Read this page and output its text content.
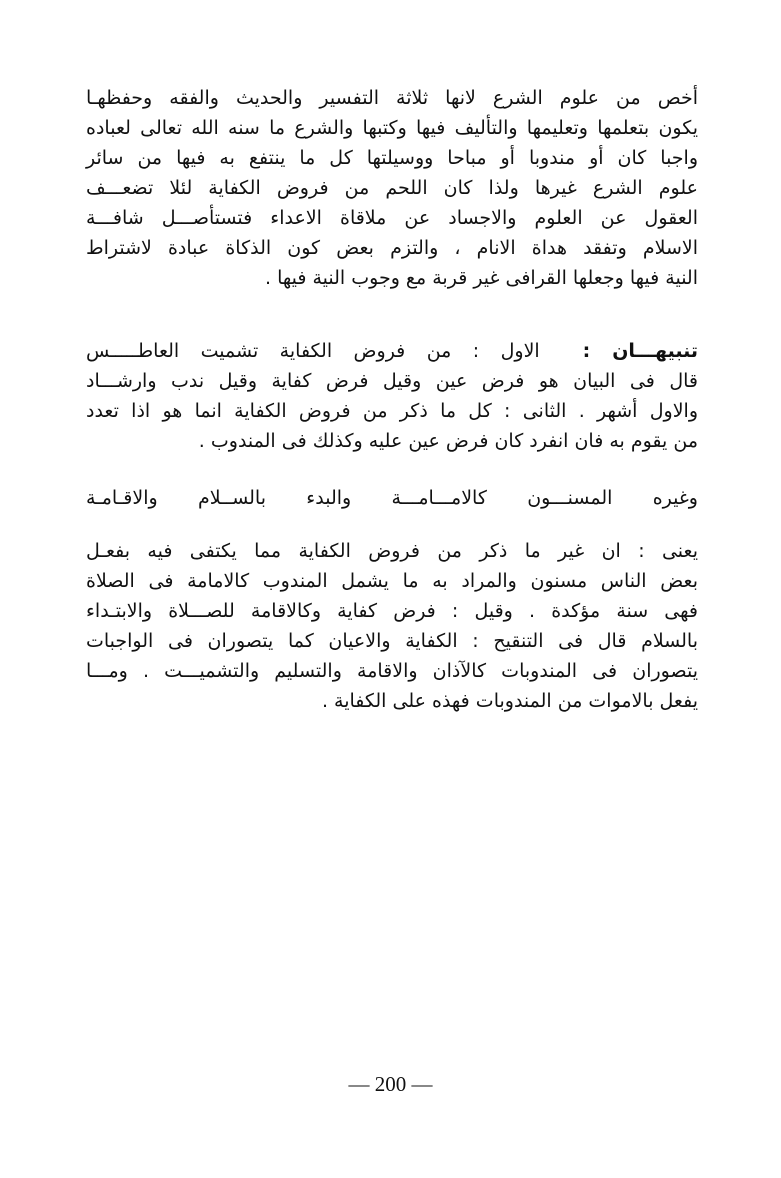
أخص من علوم الشرع لانها ثلاثة التفسير والحديث والفقه وحفظهـا
يكون بتعلمها وتعليمها والتأليف فيها وكتبها والشرع ما سنه الله تعالى لعباده
واجبا كان أو مندوبا أو مباحا ووسيلتها كل ما ينتفع به فيها من سائر
علوم الشرع غيرها ولذا كان اللحم من فروض الكفاية لئلا تضعـــف
العقول عن العلوم والاجساد عن ملاقاة الاعداء فتستأصـــل شافـــة
الاسلام وتفقد هداة الانام ، والتزم بعض كون الذكاة عبادة لاشتراط
النية فيها وجعلها القرافى غير قربة مع وجوب النية فيها .
تنبيهـــان :  الاول : من فروض الكفاية تشميت العاطـــــس
قال فى البيان هو فرض عين وقيل فرض كفاية وقيل ندب وارشـــاد
والاول أشهر . الثانى : كل ما ذكر من فروض الكفاية انما هو اذا تعدد
من يقوم به فان انفرد كان فرض عين عليه وكذلك فى المندوب .
وغيره المسنـــون كالامـــامـــة والبدء بالســلام والاقـامـة
يعنى : ان غير ما ذكر من فروض الكفاية مما يكتفى فيه بفعـل
بعض الناس مسنون والمراد به ما يشمل المندوب كالامامة فى الصلاة
فهى سنة مؤكدة . وقيل : فرض كفاية وكالاقامة للصـــلاة والابتـداء
بالسلام قال فى التنقيح : الكفاية والاعيان كما يتصوران فى الواجبات
يتصوران فى المندوبات كالآذان والاقامة والتسليم والتشميـــت . ومـــا
يفعل بالاموات من المندوبات فهذه على الكفاية .
— 200 —
